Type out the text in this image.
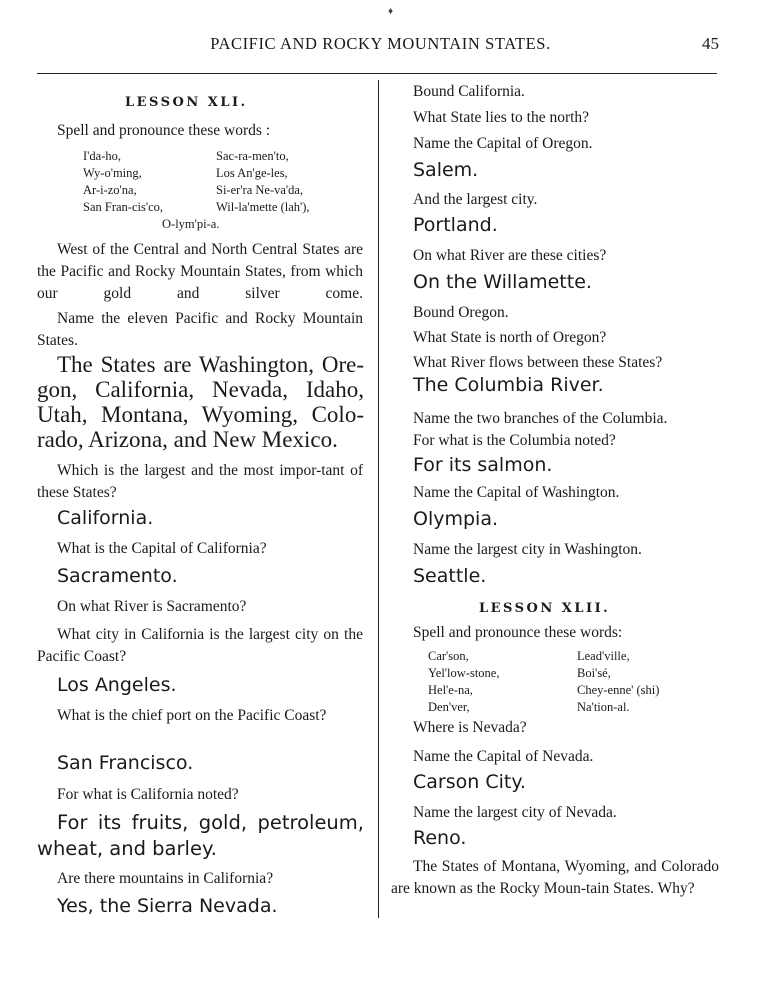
PACIFIC AND ROCKY MOUNTAIN STATES.	45
♦
LESSON XLI.
Spell and pronounce these words :
I'da-ho,
Wy-o'ming,
Ar-i-zo'na,
San Fran-cis'co,
Sac-ra-men'to,
Los An'ge-les,
Si-er'ra Ne-va'da,
Wil-la'mette (lah'),
O-lym'pi-a.
West of the Central and North Central States are the Pacific and Rocky Mountain States, from which our gold and silver come.
Name the eleven Pacific and Rocky Mountain States.
The States are Washington, Ore-gon, California, Nevada, Idaho, Utah, Montana, Wyoming, Colo-rado, Arizona, and New Mexico.
Which is the largest and the most impor-tant of these States?
California.
What is the Capital of California?
Sacramento.
On what River is Sacramento?
What city in California is the largest city on the Pacific Coast?
Los Angeles.
What is the chief port on the Pacific Coast?
San Francisco.
For what is California noted?
For its fruits, gold, petroleum, wheat, and barley.
Are there mountains in California?
Yes, the Sierra Nevada.
Bound California.
What State lies to the north?
Name the Capital of Oregon.
Salem.
And the largest city.
Portland.
On what River are these cities?
On the Willamette.
Bound Oregon.
What State is north of Oregon?
What River flows between these States?
The Columbia River.
Name the two branches of the Columbia.
For what is the Columbia noted?
For its salmon.
Name the Capital of Washington.
Olympia.
Name the largest city in Washington.
Seattle.
LESSON XLII.
Spell and pronounce these words:
Car'son,
Yel'low-stone,
Hel'e-na,
Den'ver,
Lead'ville,
Boi'sé,
Chey-enne' (shi)
Na'tion-al.
Where is Nevada?
Name the Capital of Nevada.
Carson City.
Name the largest city of Nevada.
Reno.
The States of Montana, Wyoming, and Colorado are known as the Rocky Moun-tain States. Why?
